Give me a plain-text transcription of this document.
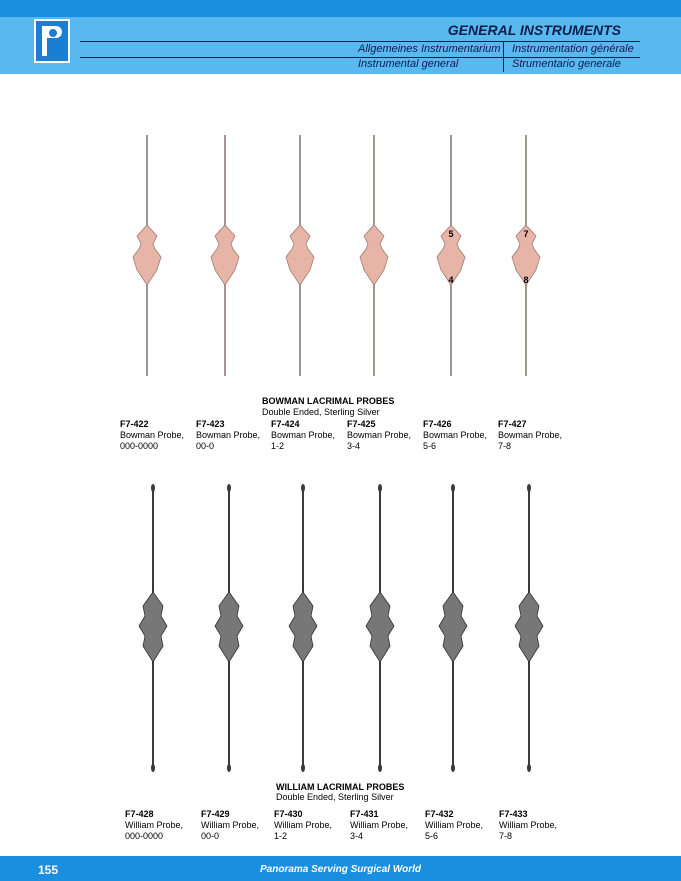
GENERAL INSTRUMENTS
Allgemeines Instrumentarium Instrumentation générale
Instrumental general	Strumentario generale
5
4
7
8
BOWMAN LACRIMAL PROBES
Double Ended, Sterling Silver
F7-422
Bowman Probe,
000-0000
F7-423
Bowman Probe,
00-0
F7-424
Bowman Probe,
1-2
F7-425
Bowman Probe,
3-4
F7-426
Bowman Probe,
5-6
F7-427
Bowman Probe,
7-8
WILLIAM LACRIMAL PROBES
Double Ended, Sterling Silver
F7-428
William Probe,
000-0000
F7-429
William Probe,
00-0
F7-430
William Probe,
1-2
F7-431
William Probe,
3-4
F7-432
William Probe,
5-6
F7-433
William Probe,
7-8
155	Panorama Serving Surgical World
